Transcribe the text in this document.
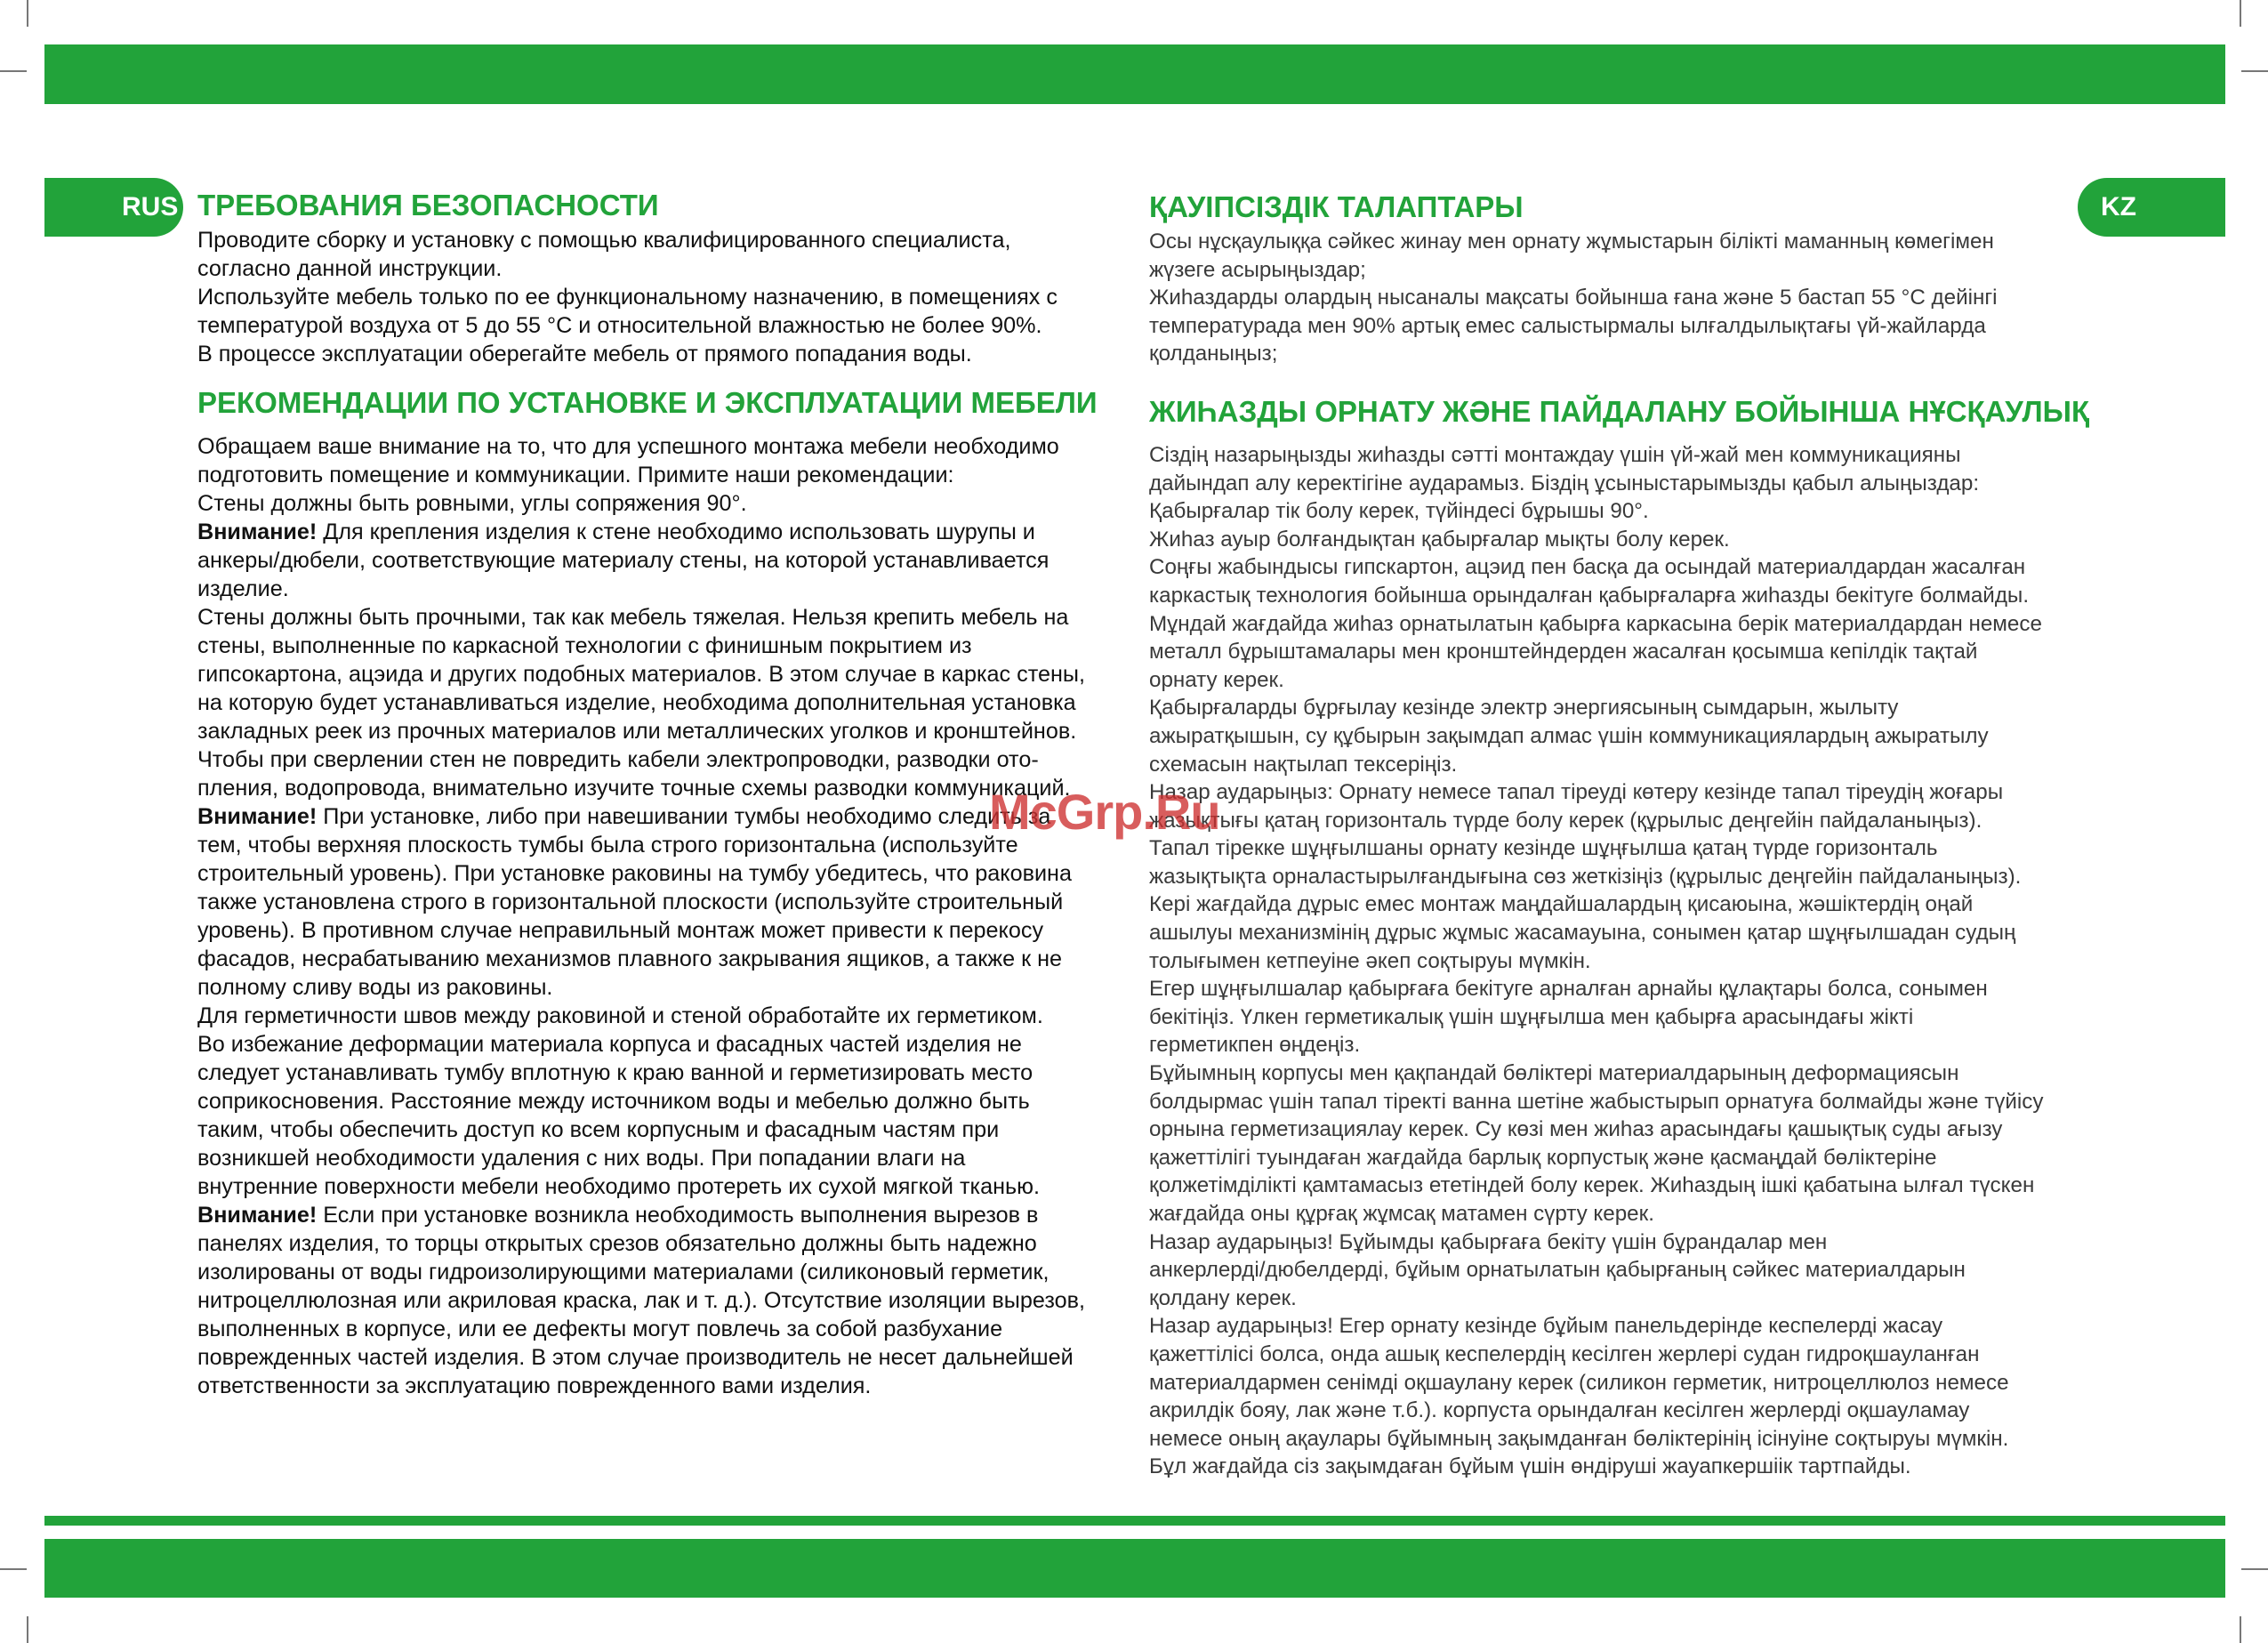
RUS	KZ
ТРЕБОВАНИЯ БЕЗОПАСНОСТИ

Проводите сборку и установку с помощью квалифицированного специалиста,

согласно данной инструкции.

Используйте мебель только по ее функциональному назначению, в помещениях с

температурой воздуха от 5 до 55 °С и относительной влажностью не более 90%.

В процессе эксплуатации оберегайте мебель от прямого попадания воды.

РЕКОМЕНДАЦИИ ПО УСТАНОВКЕ И ЭКСПЛУАТАЦИИ МЕБЕЛИ

Обращаем ваше внимание на то, что для успешного монтажа мебели необходимо

подготовить помещение и коммуникации. Примите наши рекомендации:

Стены должны быть ровными, углы сопряжения 90°.

Внимание! Для крепления изделия к стене необходимо использовать шурупы и

анкеры/дюбели, соответствующие материалу стены, на которой устанавливается

изделие.

Стены должны быть прочными, так как мебель тяжелая. Нельзя крепить мебель на

стены, выполненные по каркасной технологии с финишным покрытием из

гипсокартона, ацэида и других подобных материалов. В этом случае в каркас стены,

на которую будет устанавливаться изделие, необходима дополнительная установка

закладных реек из прочных материалов или металлических уголков и кронштейнов.

Чтобы при сверлении стен не повредить кабели электропроводки, разводки ото-

пления, водопровода, внимательно изучите точные схемы разводки коммуникаций.

Внимание! При установке, либо при навешивании тумбы необходимо следить за

тем, чтобы верхняя плоскость тумбы была строго горизонтальна (используйте

строительный уровень). При установке раковины на тумбу убедитесь, что раковина

также установлена строго в горизонтальной плоскости (используйте строительный

уровень). В противном случае неправильный монтаж может привести к перекосу

фасадов, несрабатыванию механизмов плавного закрывания ящиков, а также к не

полному сливу воды из раковины.

Для герметичности швов между раковиной и стеной обработайте их герметиком.

Во избежание деформации материала корпуса и фасадных частей изделия не

следует устанавливать тумбу вплотную к краю ванной и герметизировать место

соприкосновения. Расстояние между источником воды и мебелью должно быть

таким, чтобы обеспечить доступ ко всем корпусным и фасадным частям при

возникшей необходимости удаления с них воды. При попадании влаги на

внутренние поверхности мебели необходимо протереть их сухой мягкой тканью.

Внимание! Если при установке возникла необходимость выполнения вырезов в

панелях изделия, то торцы открытых срезов обязательно должны быть надежно

изолированы от воды гидроизолирующими материалами (силиконовый герметик,

нитроцеллюлозная или акриловая краска, лак и т. д.). Отсутствие изоляции вырезов,

выполненных в корпусе, или ее дефекты могут повлечь за собой разбухание

поврежденных частей изделия. В этом случае производитель не несет дальнейшей

ответственности за эксплуатацию поврежденного вами изделия.

ҚАУІПСІЗДІК ТАЛАПТАРЫ

Осы нұсқаулыққа сәйкес жинау мен орнату жұмыстарын білікті маманның көмегімен

жүзеге асырыңыздар;

Жиһаздарды олардың нысаналы мақсаты бойынша ғана және 5 бастап 55 °С дейінгі

температурада мен 90% артық емес салыстырмалы ылғалдылықтағы үй-жайларда

қолданыңыз;

ЖИҺАЗДЫ ОРНАТУ ЖӘНЕ ПАЙДАЛАНУ БОЙЫНША НҰСҚАУЛЫҚ

Сіздің назарыңызды жиһазды сәтті монтаждау үшін үй-жай мен коммуникацияны

дайындап алу керектігіне аударамыз. Біздің ұсыныстарымызды қабыл алыңыздар:

Қабырғалар тік болу керек, түйіндесі бұрышы 90°.

Жиһаз ауыр болғандықтан қабырғалар мықты болу керек.

Соңғы жабындысы гипскартон, ацэид пен басқа да осындай материалдардан жасалған

каркастық технология бойынша орындалған қабырғаларға жиһазды бекітуге болмайды.

Мұндай жағдайда жиһаз орнатылатын қабырға каркасына берік материалдардан немесе

металл бұрыштамалары мен кронштейндерден жасалған қосымша кепілдік тақтай

орнату керек.

Қабырғаларды бұрғылау кезінде электр энергиясының сымдарын, жылыту

ажыратқышын, су құбырын зақымдап алмас үшін коммуникациялардың ажыратылу

схемасын нақтылап тексеріңіз.

Назар аударыңыз: Орнату немесе тапал тіреуді көтеру кезінде тапал тіреудің жоғары

жазықтығы қатаң горизонталь түрде болу керек (құрылыс деңгейін пайдаланыңыз).

Тапал тірекке шұңғылшаны орнату кезінде шұңғылша қатаң түрде горизонталь

жазықтықта орналастырылғандығына сөз жеткізіңіз (құрылыс деңгейін пайдаланыңыз).

Кері жағдайда дұрыс емес монтаж маңдайшалардың қисаюына, жәшіктердің оңай

ашылуы механизмінің дұрыс жұмыс жасамауына, сонымен қатар шұңғылшадан судың

толығымен кетпеуіне әкеп соқтыруы мүмкін.

Егер шұңғылшалар қабырғаға бекітуге арналған арнайы құлақтары болса, сонымен

бекітіңіз. Үлкен герметикалық үшін шұңғылша мен қабырға арасындағы жікті

герметикпен өңдеңіз.

Бұйымның корпусы мен қақпандай бөліктері материалдарының деформациясын

болдырмас үшін тапал тіректі ванна шетіне жабыстырып орнатуға болмайды және түйісу

орнына герметизациялау керек. Су көзі мен жиһаз арасындағы қашықтық суды ағызу

қажеттілігі туындаған жағдайда барлық корпустық және қасмаңдай бөліктеріне

қолжетімділікті қамтамасыз ететіндей болу керек. Жиһаздың ішкі қабатына ылғал түскен

жағдайда оны құрғақ жұмсақ матамен сүрту керек.

Назар аударыңыз! Бұйымды қабырғаға бекіту үшін бұрандалар мен

анкерлерді/дюбелдерді, бұйым орнатылатын қабырғаның сәйкес материалдарын

қолдану керек.

Назар аударыңыз! Егер орнату кезінде бұйым панельдерінде кеспелерді жасау

қажеттілісі болса, онда ашық кеспелердің кесілген жерлері судан гидроқшауланған

материалдармен сенімді оқшаулану керек (силикон герметик, нитроцеллюлоз немесе

акрилдік бояу, лак және т.б.). корпуста орындалған кесілген жерлерді оқшауламау

немесе оның ақаулары бұйымның зақымданған бөліктерінің ісінуіне соқтыруы мүмкін.

Бұл жағдайда сіз зақымдаған бұйым үшін өндіруші жауапкершіік тартпайды.

McGrp.Ru
